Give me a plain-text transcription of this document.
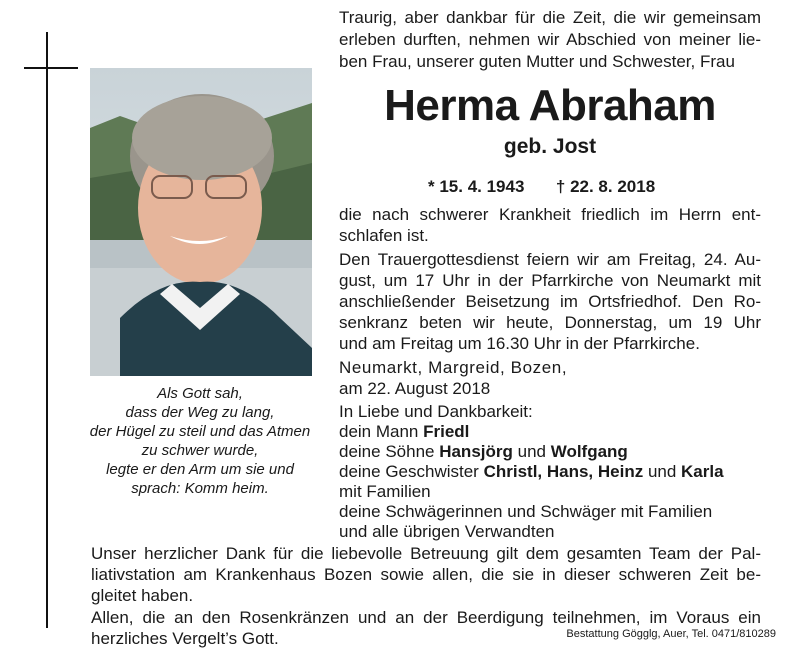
Traurig, aber dankbar für die Zeit, die wir gemeinsam
erleben durften, nehmen wir Abschied von meiner lie-
ben Frau, unserer guten Mutter und Schwester, Frau
Herma Abraham
geb. Jost
* 15. 4. 1943 † 22. 8. 2018
die nach schwerer Krankheit friedlich im Herrn ent-
schlafen ist.
Den Trauergottesdienst feiern wir am Freitag, 24. Au-
gust, um 17 Uhr in der Pfarrkirche von Neumarkt mit
anschließender Beisetzung im Ortsfriedhof. Den Ro-
senkranz beten wir heute, Donnerstag, um 19 Uhr
und am Freitag um 16.30 Uhr in der Pfarrkirche.
Neumarkt, Margreid, Bozen,
am 22. August 2018
Als Gott sah,
dass der Weg zu lang,
der Hügel zu steil und das Atmen
zu schwer wurde,
legte er den Arm um sie und
sprach: Komm heim.
In Liebe und Dankbarkeit:
dein Mann Friedl
deine Söhne Hansjörg und Wolfgang
deine Geschwister Christl, Hans, Heinz und Karla
mit Familien
deine Schwägerinnen und Schwäger mit Familien
und alle übrigen Verwandten
Unser herzlicher Dank für die liebevolle Betreuung gilt dem gesamten Team der Pal-
liativstation am Krankenhaus Bozen sowie allen, die sie in dieser schweren Zeit be-
gleitet haben.
Allen, die an den Rosenkränzen und an der Beerdigung teilnehmen, im Voraus ein
herzliches Vergelt’s Gott.	Bestattung Gögglg, Auer, Tel. 0471/810289
